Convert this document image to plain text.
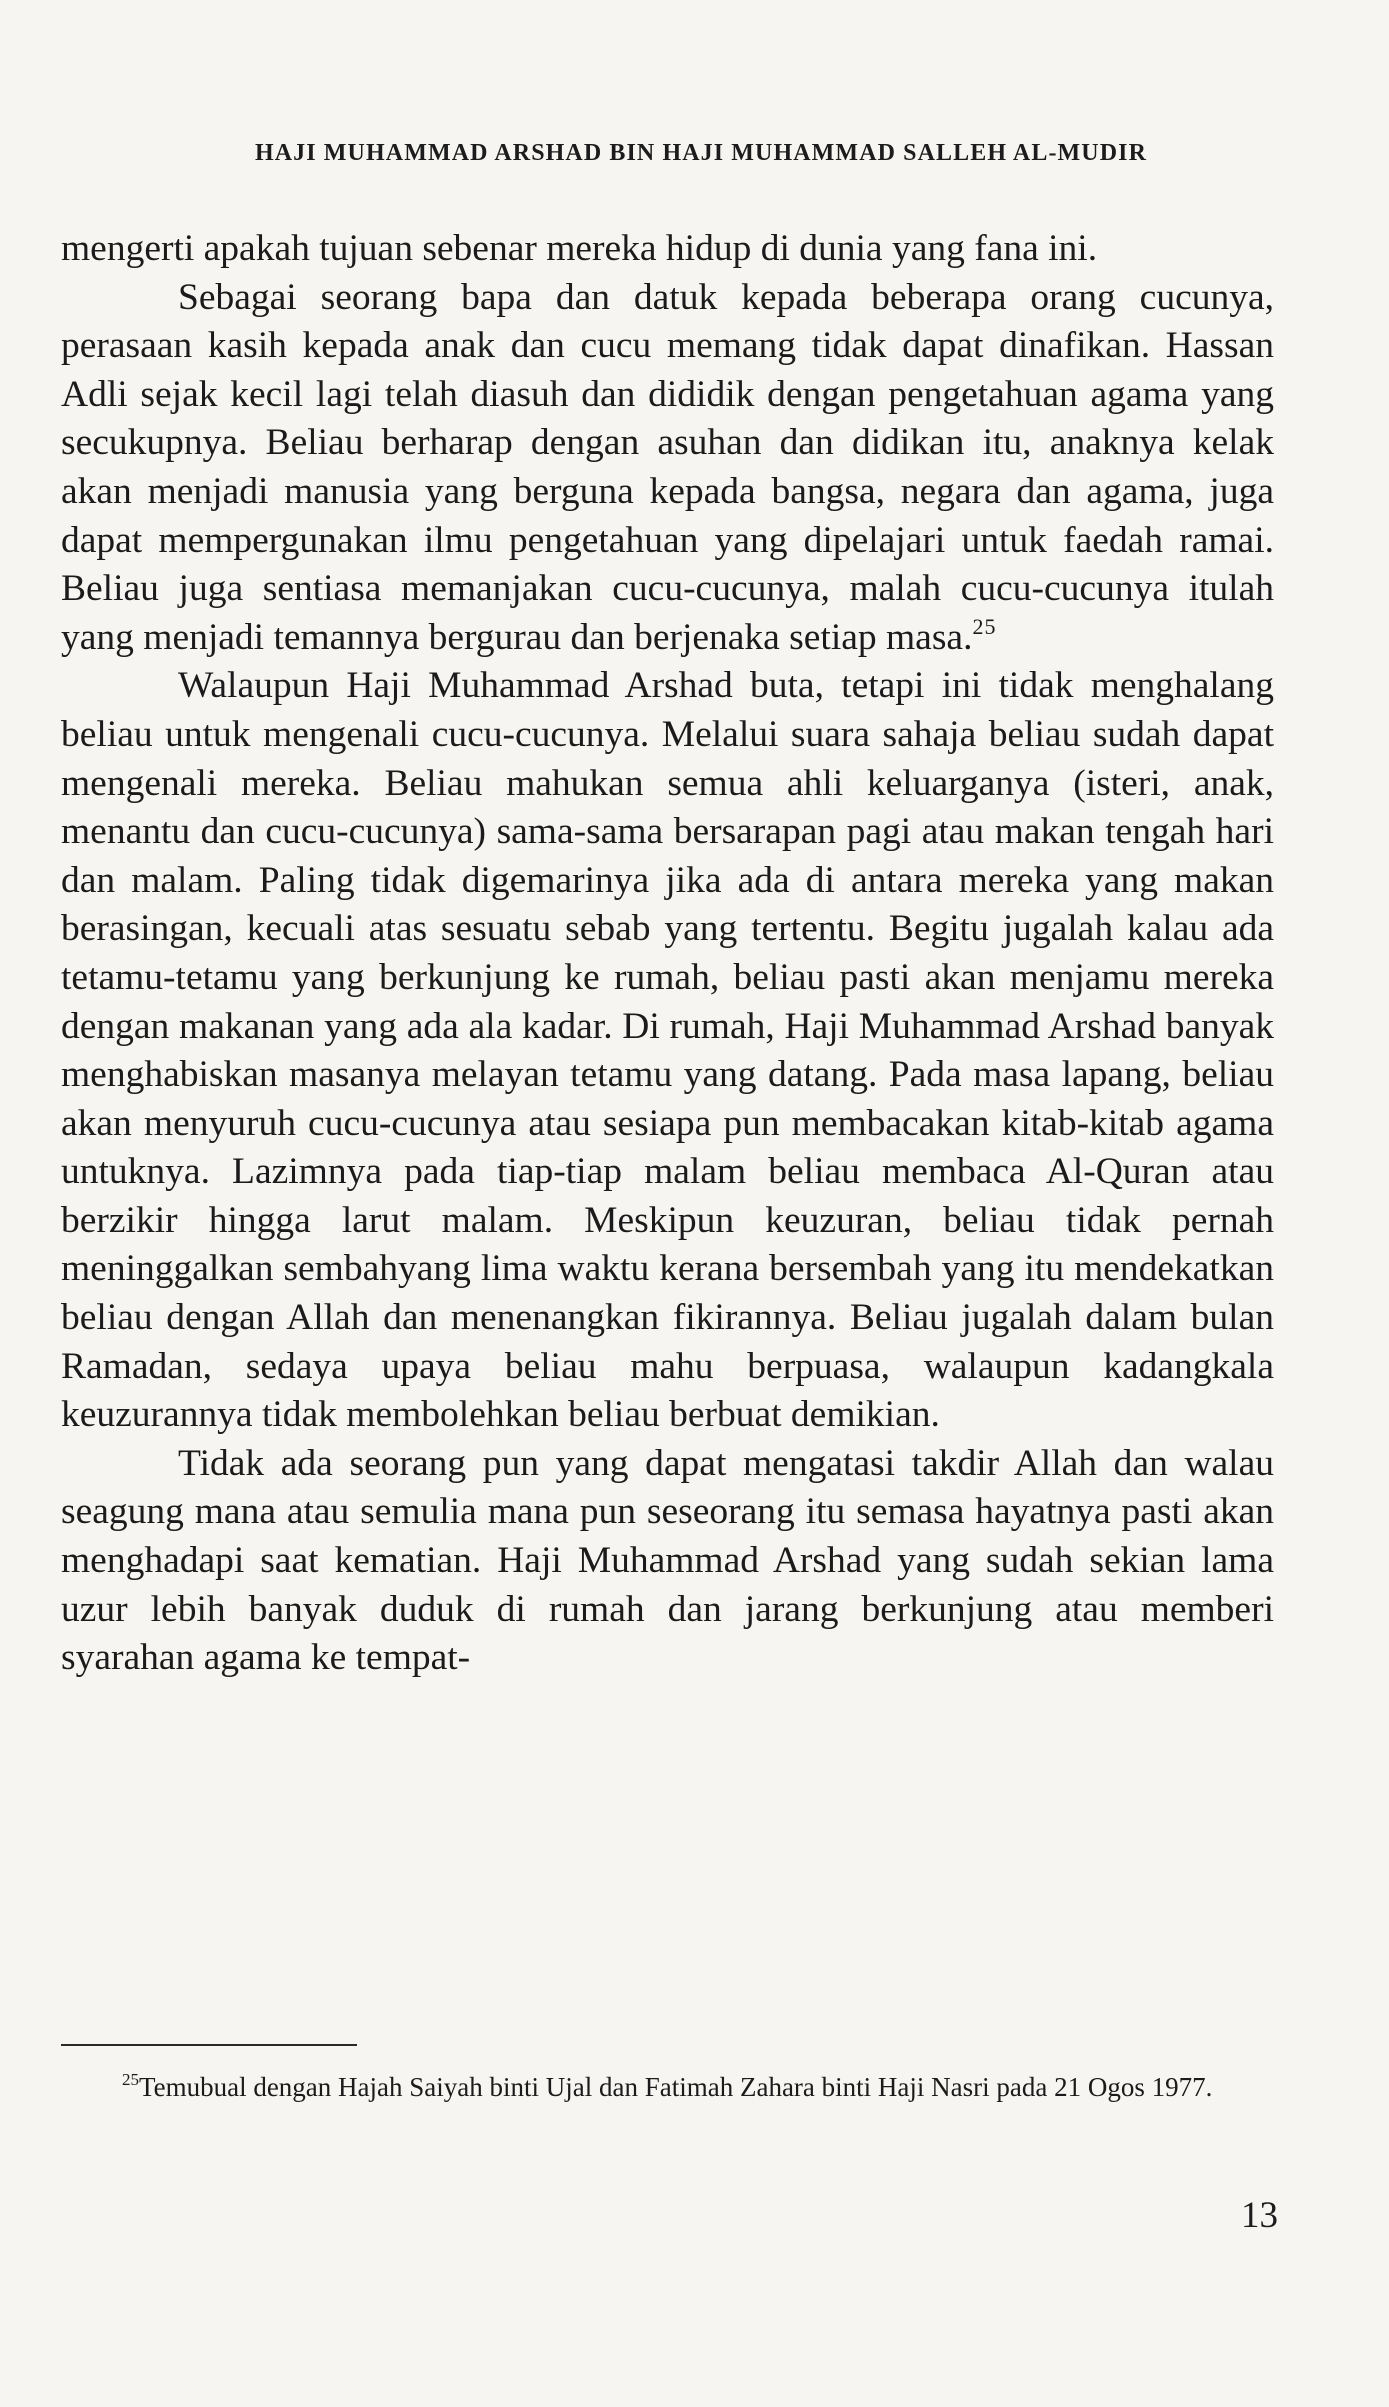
HAJI MUHAMMAD ARSHAD BIN HAJI MUHAMMAD SALLEH AL-MUDIR

mengerti apakah tujuan sebenar mereka hidup di dunia yang fana ini.

Sebagai seorang bapa dan datuk kepada beberapa orang cucunya, perasaan kasih kepada anak dan cucu memang tidak dapat dinafikan. Hassan Adli sejak kecil lagi telah diasuh dan dididik dengan pengetahuan agama yang secukupnya. Beliau berharap dengan asuhan dan didikan itu, anaknya kelak akan menjadi manusia yang berguna kepada bangsa, negara dan agama, juga dapat mempergunakan ilmu pengetahuan yang dipelajari untuk faedah ramai. Beliau juga sentiasa memanjakan cucu-cucunya, malah cucu-cucunya itulah yang menjadi temannya bergurau dan berjenaka setiap masa.$^{25}$

Walaupun Haji Muhammad Arshad buta, tetapi ini tidak menghalang beliau untuk mengenali cucu-cucunya. Melalui suara sahaja beliau sudah dapat mengenali mereka. Beliau mahukan semua ahli keluarganya (isteri, anak, menantu dan cucu-cucunya) sama-sama bersarapan pagi atau makan tengah hari dan malam. Paling tidak digemarinya jika ada di antara mereka yang makan berasingan, kecuali atas sesuatu sebab yang tertentu. Begitu jugalah kalau ada tetamu-tetamu yang berkunjung ke rumah, beliau pasti akan menjamu mereka dengan makanan yang ada ala kadar. Di rumah, Haji Muhammad Arshad banyak menghabiskan masanya melayan tetamu yang datang. Pada masa lapang, beliau akan menyuruh cucu-cucunya atau sesiapa pun membacakan kitab-kitab agama untuknya. Lazimnya pada tiap-tiap malam beliau membaca Al-Quran atau berzikir hingga larut malam. Meskipun keuzuran, beliau tidak pernah meninggalkan sembahyang lima waktu kerana bersembah yang itu mendekatkan beliau dengan Allah dan menenangkan fikirannya. Beliau jugalah dalam bulan Ramadan, sedaya upaya beliau mahu berpuasa, walaupun kadangkala keuzurannya tidak membolehkan beliau berbuat demikian.

Tidak ada seorang pun yang dapat mengatasi takdir Allah dan walau seagung mana atau semulia mana pun seseorang itu semasa hayatnya pasti akan menghadapi saat kematian. Haji Muhammad Arshad yang sudah sekian lama uzur lebih banyak duduk di rumah dan jarang berkunjung atau memberi syarahan agama ke tempat-

$^{25}$Temubual dengan Hajah Saiyah binti Ujal dan Fatimah Zahara binti Haji Nasri pada 21 Ogos 1977.

13
